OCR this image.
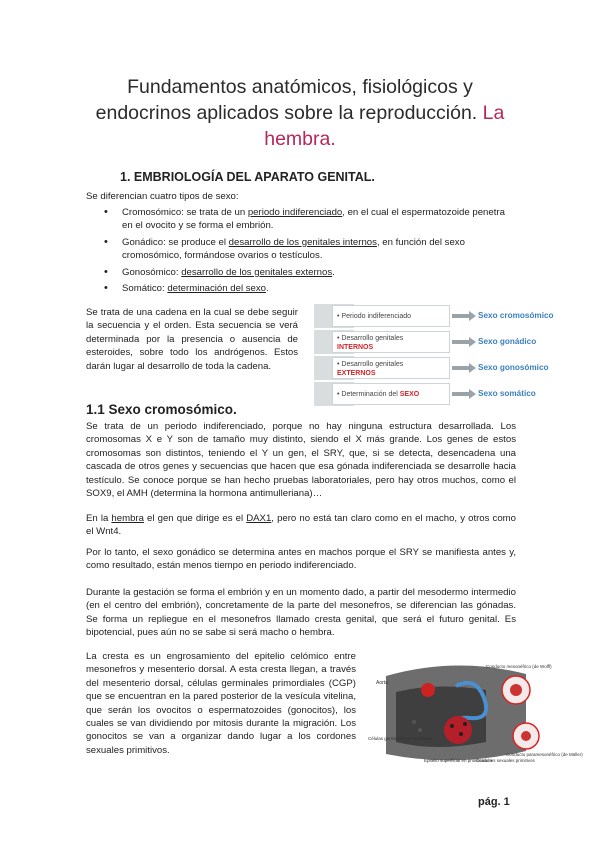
Fundamentos anatómicos, fisiológicos y endocrinos aplicados sobre la reproducción. La hembra.
1. EMBRIOLOGÍA DEL APARATO GENITAL.
Se diferencian cuatro tipos de sexo:
• Cromosómico: se trata de un periodo indiferenciado, en el cual el espermatozoide penetra en el ovocito y se forma el embrión.
• Gonádico: se produce el desarrollo de los genitales internos, en función del sexo cromosómico, formándose ovarios o testículos.
• Gonosómico: desarrollo de los genitales externos.
• Somático: determinación del sexo.
Se trata de una cadena en la cual se debe seguir la secuencia y el orden. Esta secuencia se verá determinada por la presencia o ausencia de esteroides, sobre todo los andrógenos. Estos darán lugar al desarrollo de toda la cadena.
• Periodo indiferenciado
• Desarrollo genitales
INTERNOS
• Desarrollo genitales
EXTERNOS
• Determinación del SEXO
Sexo cromosómico
Sexo gonádico
Sexo gonosómico
Sexo somático
1.1 Sexo cromosómico.
Se trata de un periodo indiferenciado, porque no hay ninguna estructura desarrollada. Los cromosomas X e Y son de tamaño muy distinto, siendo el X más grande. Los genes de estos cromosomas son distintos, teniendo el Y un gen, el SRY, que, si se detecta, desencadena una cascada de otros genes y secuencias que hacen que esa gónada indiferenciada se desarrolle hacia testículo. Se conoce porque se han hecho pruebas laboratoriales, pero hay otros muchos, como el SOX9, el AMH (determina la hormona antimulleriana)…
En la hembra el gen que dirige es el DAX1, pero no está tan claro como en el macho, y otros como el Wnt4.
Por lo tanto, el sexo gonádico se determina antes en machos porque el SRY se manifiesta antes y, como resultado, están menos tiempo en periodo indiferenciado.
Durante la gestación se forma el embrión y en un momento dado, a partir del mesodermo intermedio (en el centro del embrión), concretamente de la parte del mesonefros, se diferencian las gónadas. Se forma un repliegue en el mesonefros llamado cresta genital, que será el futuro genital. Es bipotencial, pues aún no se sabe si será macho o hembra.
La cresta es un engrosamiento del epitelio celómico entre mesonefros y mesenterio dorsal. A esta cresta llegan, a través del mesenterio dorsal, células germinales primordiales (CGP) que se encuentran en la pared posterior de la vesícula vitelina, que serán los ovocitos o espermatozoides (gonocitos), los cuales se van dividiendo por mitosis durante la migración. Los gonocitos se van a organizar dando lugar a los cordones sexuales primitivos.
Aorta
Células germinales primordiales
Epitelio superficial en proliferación
Cordones sexuales primitivos
Conducto mesonéfrico (de Wolff)
Conducto paramesonéfrico (de Müller)
pág. 1
